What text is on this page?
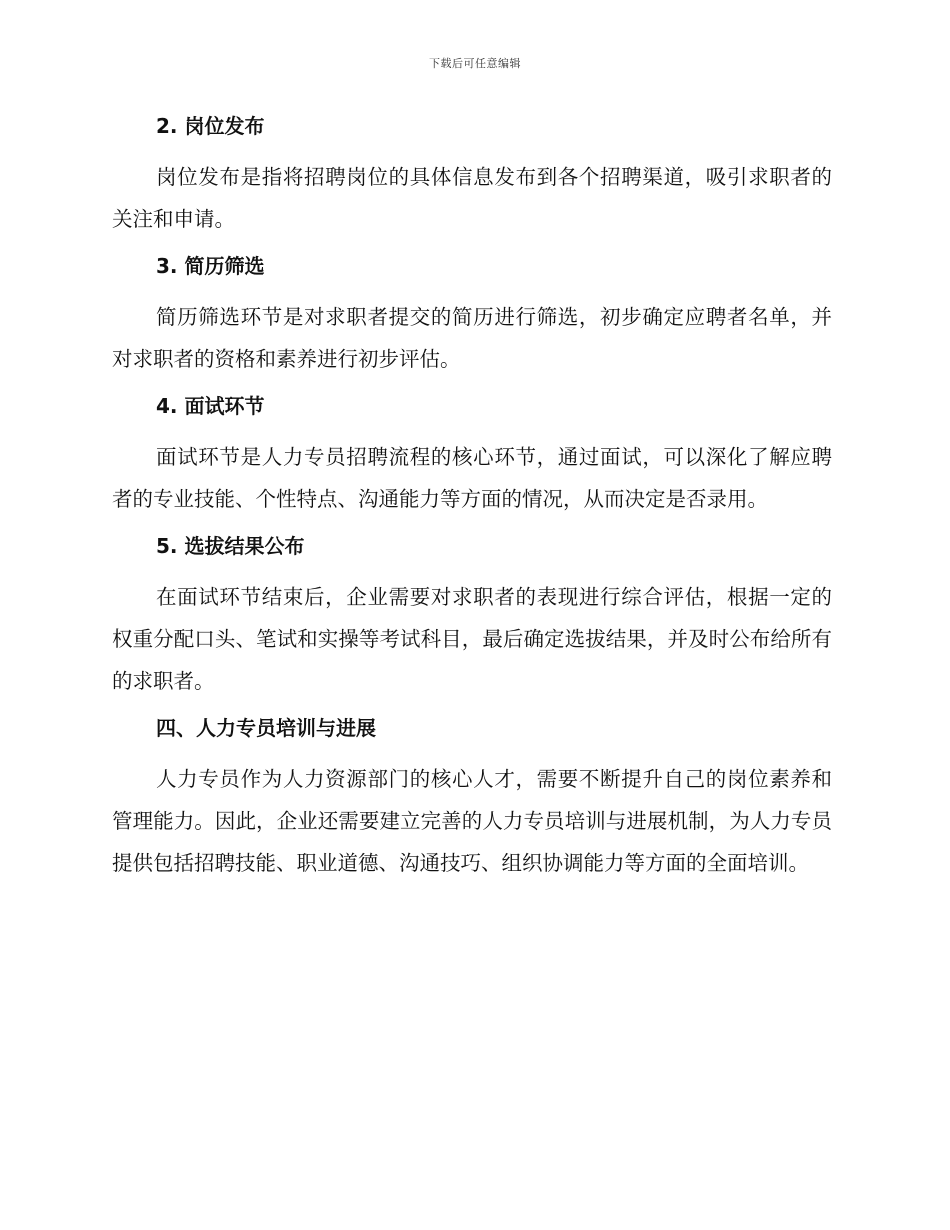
下载后可任意编辑
2. 岗位发布

岗位发布是指将招聘岗位的具体信息发布到各个招聘渠道，吸引求职者的关注和申请。

3. 简历筛选

简历筛选环节是对求职者提交的简历进行筛选，初步确定应聘者名单，并对求职者的资格和素养进行初步评估。

4. 面试环节

面试环节是人力专员招聘流程的核心环节，通过面试，可以深化了解应聘者的专业技能、个性特点、沟通能力等方面的情况，从而决定是否录用。

5. 选拔结果公布

在面试环节结束后，企业需要对求职者的表现进行综合评估，根据一定的权重分配口头、笔试和实操等考试科目，最后确定选拔结果，并及时公布给所有的求职者。

四、人力专员培训与进展

人力专员作为人力资源部门的核心人才，需要不断提升自己的岗位素养和管理能力。因此，企业还需要建立完善的人力专员培训与进展机制，为人力专员提供包括招聘技能、职业道德、沟通技巧、组织协调能力等方面的全面培训。
